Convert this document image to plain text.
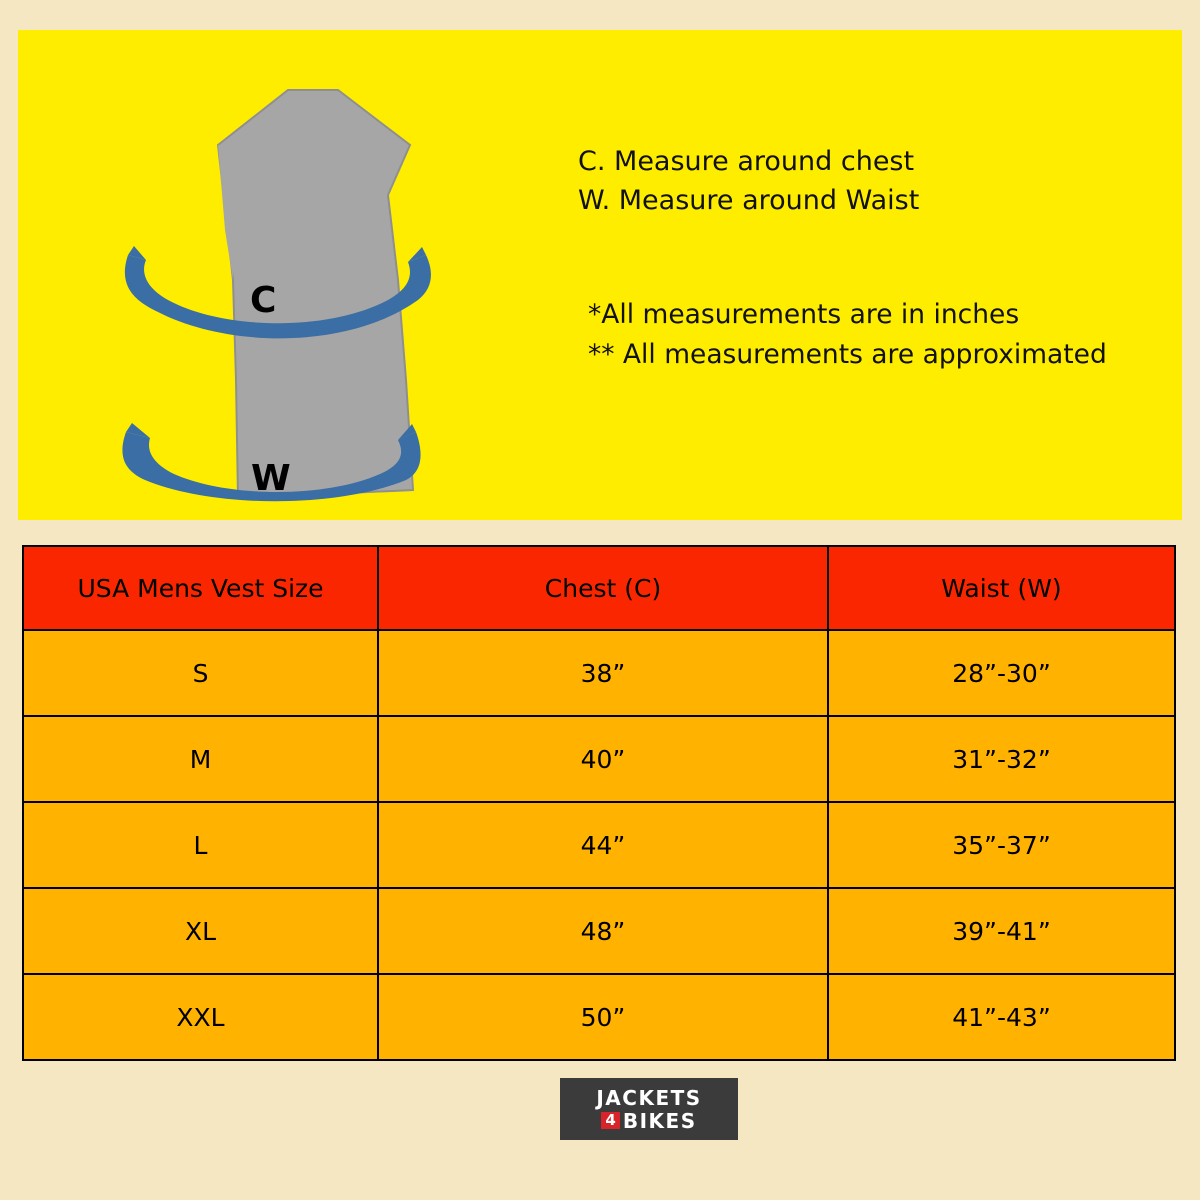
C
W
C. Measure around chest
W. Measure around Waist
*All measurements are in inches
** All measurements are approximated
USA Mens Vest Size	Chest (C)	Waist (W)
S	38”	28”-30”
M	40”	31”-32”
L	44”	35”-37”
XL	48”	39”-41”
XXL	50”	41”-43”
JACKETS
4 BIKES
